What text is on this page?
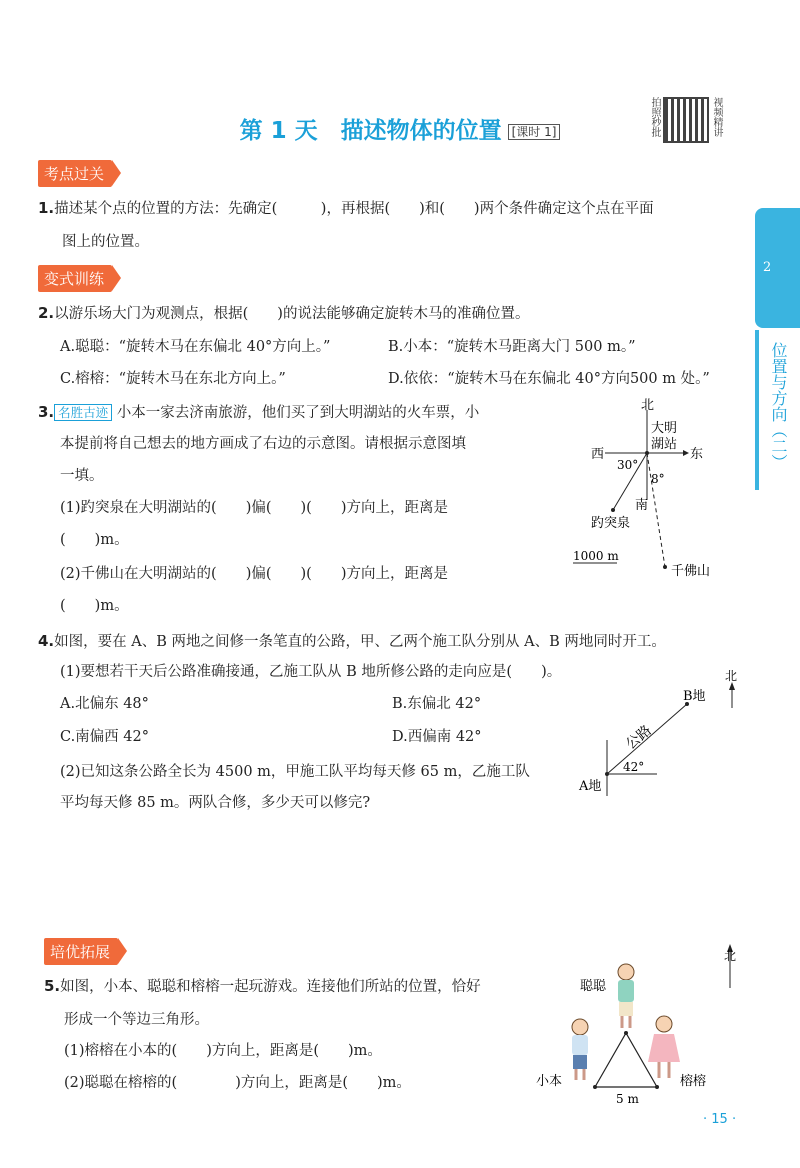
第 1 天　描述物体的位置 [课时 1]	拍照秒批	视频精讲
2
位置与方向（二）
考点过关
1.描述某个点的位置的方法：先确定(　　　)，再根据(　　)和(　　)两个条件确定这个点在平面
图上的位置。
变式训练
2.以游乐场大门为观测点，根据(　　)的说法能够确定旋转木马的准确位置。
A.聪聪：“旋转木马在东偏北 40°方向上。”	B.小本：“旋转木马距离大门 500 m。”
C.榕榕：“旋转木马在东北方向上。”	D.依依：“旋转木马在东偏北 40°方向500 m 处。”
3. 名胜古迹 小本一家去济南旅游，他们买了到大明湖站的火车票，小
本提前将自己想去的地方画成了右边的示意图。请根据示意图填
一填。
(1)趵突泉在大明湖站的(　　)偏(　　)(　　)方向上，距离是
(　　)m。
(2)千佛山在大明湖站的(　　)偏(　　)(　　)方向上，距离是
(　　)m。
北
大明
湖站
西	东
30°
8°
南
趵突泉
千佛山
1000 m
4.如图，要在 A、B 两地之间修一条笔直的公路，甲、乙两个施工队分别从 A、B 两地同时开工。
(1)要想若干天后公路准确接通，乙施工队从 B 地所修公路的走向应是(　　)。
A.北偏东 48°	B.东偏北 42°
C.南偏西 42°	D.西偏南 42°
(2)已知这条公路全长为 4500 m，甲施工队平均每天修 65 m，乙施工队
平均每天修 85 m。两队合修，多少天可以修完?
北
A地
B地
公路
42°
培优拓展
5.如图，小本、聪聪和榕榕一起玩游戏。连接他们所站的位置，恰好
形成一个等边三角形。
(1)榕榕在小本的(　　)方向上，距离是(　　)m。
(2)聪聪在榕榕的(　　　　)方向上，距离是(　　)m。
北
聪聪
小本	榕榕
5 m
· 15 ·
